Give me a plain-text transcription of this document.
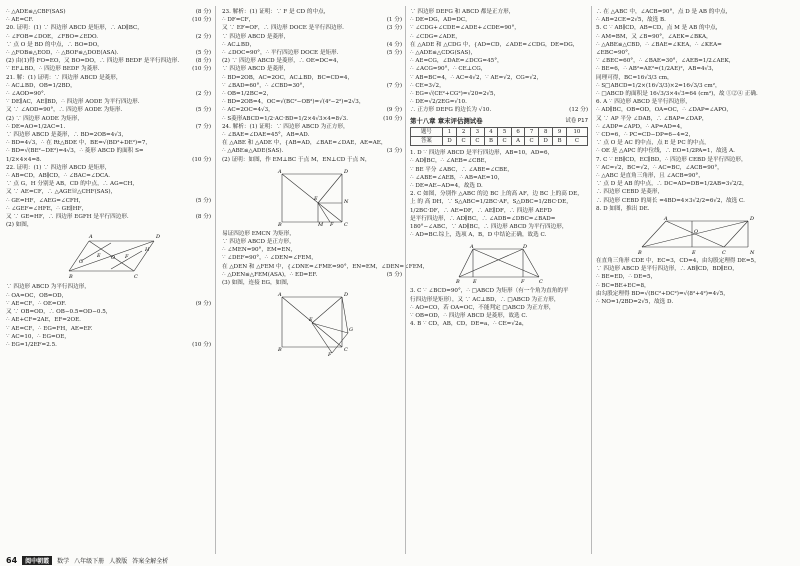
∴ △ADE≌△CBF(SAS)	(8 分)
∴ AE=CF.	(10 分)
20. 证明：(1) ∵ 四边形 ABCD 是矩形，∴ AD∥BC，
∴ ∠FOB=∠DOE，∠FBO=∠EDO.	(2 分)
∵ 点 O 是 BD 的中点，∴ BO=DO，
∴ △FOB≌△EOD，∴ △BOF≌△DOE(ASA).	(5 分)
(2) 由(1)得 FO=EO，又 BO=DO，∴ 四边形 BEDF 是平行四边形.	(8 分)
∵ EF⊥BD，∴ 四边形 BEDF 为菱形.	(10 分)
21. 解：(1) 证明：∵ 四边形 ABCD 是菱形，
∴ AC⊥BD，OB=1/2BD，
∴ ∠AOD=90°.	(2 分)
∵ DE∥AC，AE∥BD，∴ 四边形 AODE 为平行四边形.
又 ∵ ∠AOD=90°，∴ 四边形 AODE 为矩形.	(5 分)
(2) ∵ 四边形 AODE 为矩形，
∴ DE=AO=1/2AC=1.	(7 分)
∵ 四边形 ABCD 是菱形，∴ BD=2OB=4√3，
∴ BD=4√3，∴ 在 Rt△BDE 中，BE=√(BD²+DE²)=7，
∴ BD=√(BE²−DE²)=4√3，∴ 菱形 ABCD 的面积 S=
1/2×4×4=8.	(10 分)
22. 证明：(1) ∵ 四边形 ABCD 是矩形，
∴ AB=CD，AB∥CD，∴ ∠BAC=∠DCA.
∵ 点 G，H 分别是 AB，CD 的中点，∴ AG=CH，
又 ∵ AE=CF，∴ △AGE≌△CHF(SAS)，
∴ GE=HF，∠AEG=∠CFH，	(5 分)
∴ ∠GEF=∠HFE，∴ GE∥HF，
又 ∵ GE=HF，∴ 四边形 EGFH 是平行四边形.	(8 分)
(2) 如图，
A
B	C
D
E	F
G
H
O
∵ 四边形 ABCD 为平行四边形，
∴ OA=OC，OB=OD，
∵ AE=CF，∴ OE=OF.	(9 分)
又 ∵ OB=OD，∴ OB−0.5=OD−0.5，
∴ AE+CF=2AE，EF=2OE.
∵ AE=CF，∴ EG=FH，AE=EF.
∵ AC=10，∴ EG=OE，
∴ EG=1/2EF=2.5.	(10 分)
23. 解析：(1) 证明：∵ F 是 CD 的中点，
∴ DF=CF，	(1 分)
又 ∵ EF=OF，∴ 四边形 DOCE 是平行四边形.	(3 分)
∵ 四边形 ABCD 是菱形，
∴ AC⊥BD，	(4 分)
∴ ∠DOC=90°，∴ 平行四边形 DOCE 是矩形.	(5 分)
(2) ∵ 四边形 ABCD 是菱形，∴ OE=DC=4，
∵ 四边形 ABCD 是菱形，
∴ BD=2OB，AC=2OC，AC⊥BD，BC=CD=4，
∵ ∠BAD=60°，∴ ∠CBD=30°，	(7 分)
∴ OB=1/2BC=2，
∴ BD=2OB=4，OC=√(BC²−OB²)=√(4²−2²)=2√3，
∴ AC=2OC=4√3，	(9 分)
∴ S菱形ABCD=1/2·AC·BD=1/2×4√3×4=8√3.	(10 分)
24. 解析：(1) 证明：∵ 四边形 ABCD 为正方形，
∴ ∠BAE=∠DAE=45°，AB=AD.
在 △ABE 和 △ADE 中，{AB=AD，∠BAE=∠DAE，AE=AE，
∴ △ABE≌△ADE(SAS).	(3 分)
(2) 证明：如图，作 EM⊥BC 于点 M，EN⊥CD 于点 N，
A	D
B	M	C
E
F
N
易证四边形 EMCN 为矩形，
∵ 四边形 ABCD 是正方形，
∴ ∠MEN=90°，EM=EN，
∵ ∠DEF=90°，∴ ∠DEN=∠FEM，
在 △DEN 和 △FEM 中，{∠DNE=∠FME=90°，EN=EM，∠DEN=∠FEM，
∴ △DEN≌△FEM(ASA)，∴ ED=EF.	(5 分)
(3) 如图，连接 EG，如图，
A	D
B	C
E
F
G
∵ 四边形 DEFG 和 ABCD 都是正方形，
∴ DE=DG，AD=DC，
∵ ∠CDG+∠CDE=∠ADE+∠CDE=90°，
∴ ∠CDG=∠ADE，
在 △ADE 和 △CDG 中，{AD=CD，∠ADE=∠CDG，DE=DG，
∴ △ADE≌△CDG(SAS)，
∴ AE=CG，∠DAE=∠DCG=45°，
∴ ∠ACG=90°，∴ CE⊥CG，
∵ AB=BC=4，∴ AC=4√2，∵ AE=√2，CG=√2，
∴ CE=3√2，
∴ EG=√(CE²+CG²)=√20=2√5，
∴ DE=√2/2EG=√10.
∴ 正方形 DEFG 的边长为 √10.	(12 分)
第十八章 章末评估测试卷	试卷 P17
题号	1	2	3	4	5	6	7	8	9	10
答案	D	C	C	B	C	A	C	D	B	C
1. D ∵ 四边形 ABCD 是平行四边形，AB=10，AD=6，
∴ AD∥BC，∴ ∠AEB=∠CBE，
∵ BE 平分 ∠ABC，∴ ∠ABE=∠CBE，
∴ ∠ABE=∠AEB，∴ AB=AE=10，
∴ DE=AE−AD=4，故选 D.
2. C 如图，分别作 △ABC 的边 BC 上的高 AF，边 BC 上的高 DE，
上 的 高 DH，∵ S△ABC=1/2BC·AF，S△DBC=1/2BC·DE，
1/2BC·DF，∴ AE=DF，∴ AE∥DF，∴ 四边形 AEFD
是平行四边形，∴ AD∥BC，∴ ∠ADB=∠DBC=∠BAD=
180°−∠ABC，∵ AD∥BC，∴ 四边形 ABCD 为平行四边形，
∴ AD=BC.综上，选项 A，B，D 中结论正确，故选 C.
A	D
B	E	F	C
3. C ∵ ∠BCD=90°，∴ □ABCD 为矩形（有一个角为直角的平
行四边形是矩形），又 ∵ AC⊥BD，∴ □ABCD 为正方形，
∴ AO=CO，若 OA=OC，不能判定 □ABCD 为正方形，
∵ OB=OD，∴ 四边形 ABCD 是菱形，故选 C.
4. B ∵ CD，AB，CD，DE=a，∴ CE=√2a，
∴ 在 △ABC 中，∠ACB=90°，点 D 是 AB 的中点，
∴ AB=2CE=2√5，故选 B.
5. C ∵ AB∥CD，AB=CD，点 M 是 AB 的中点，
∴ AM=BM，又 ∠B=90°，∠AEK=∠BKA，
∴ △ABE≌△CBD，∴ ∠BAE=∠KEA，∴ ∠KEA=
∠EBC=90°，
∵ ∠BEC=60°，∴ ∠BAE=30°，∠AEB=1/2∠AEK，
∴ BE=6，∴ AB²=AE²=(1/2AE)²，AB=4√3，
同理可得，BC=16√3/3 cm，
∴ S□ABCD=1/2×(16√3/3)×2=16√3/3 cm²，
∴ □ABCD 的面积是 16√3/3×4√3=64 (cm²)，故 ①②④ 正确.
6. A ∵ 四边形 ABCD 是平行四边形，
∴ AD∥BC，OB=OD，OA=OC，∴ ∠DAP=∠APO，
又 ∵ AP 平分 ∠DAB，∴ ∠BAP=∠DAP，
∴ ∠ADP=∠APD，∴ AP=AD=4，
∵ CD=6，∴ PC=CD−DP=6−4=2，
∵ 点 O 是 AC 的中点，点 E 是 PC 的中点，
∴ OE 是 △APC 的中位线，∴ EO=1/2PA=1，故选 A.
7. C ∵ EB∥CD，EC∥BD，∴ 四边形 CEBD 是平行四边形，
∵ AC=√2，BC=√2，∴ AC=BC，∠ACB=90°，
∴ △ABC 是直角三角形，且 ∠ACB=90°，
∵ 点 D 是 AB 的中点，∴ DC=AD=DB=1/2AB=3√2/2，
∴ 四边形 CEBD 是菱形，
∴ 四边形 CEBD 的周长 =4BD=4×3√2/2=6√2，故选 C.
8. D 如图，推出 DE.
A	D
B	E	C	N
O
在直角三角形 CDE 中，EC=3，CD=4，由勾股定理得 DE=5，
∵ 四边形 ABCD 是平行四边形，∴ AB∥CD，BD∥EO，
∴ BE=ED，∴ DE=5，
∴ BC=BE+EC=8，
由勾股定理得 BD=√(BC²+DC²)=√(8²+4²)=4√5，
∴ NO=1/2BD=2√5，故选 D.
64	阅中朝霞	数学 八年级下册 人教版 答案全解全析
